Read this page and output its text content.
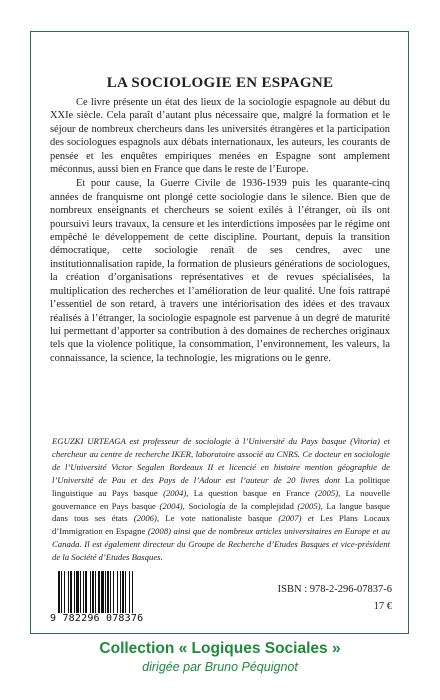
LA SOCIOLOGIE EN ESPAGNE

Ce livre présente un état des lieux de la sociologie espagnole au début du XXIe siècle. Cela paraît d’autant plus nécessaire que, malgré la formation et le séjour de nombreux chercheurs dans les universités étrangères et la participation des sociologues espagnols aux débats internationaux, les auteurs, les courants de pensée et les enquêtes empiriques menées en Espagne sont amplement méconnus, aussi bien en France que dans le reste de l’Europe.

Et pour cause, la Guerre Civile de 1936-1939 puis les quarante-cinq années de franquisme ont plongé cette sociologie dans le silence. Bien que de nombreux enseignants et chercheurs se soient exilés à l’étranger, où ils ont poursuivi leurs travaux, la censure et les interdictions imposées par le régime ont empêché le développement de cette discipline. Pourtant, depuis la transition démocratique, cette sociologie renaît de ses cendres, avec une institutionnalisation rapide, la formation de plusieurs générations de sociologues, la création d’organisations représentatives et de revues spécialisées, la multiplication des recherches et l’amélioration de leur qualité. Une fois rattrapé l’essentiel de son retard, à travers une intériorisation des idées et des travaux réalisés à l’étranger, la sociologie espagnole est parvenue à un degré de maturité lui permettant d’apporter sa contribution à des domaines de recherches originaux tels que la violence politique, la consommation, l’environnement, les valeurs, la connaissance, la science, la technologie, les migrations ou le genre.

EGUZKI URTEAGA est professeur de sociologie à l’Université du Pays basque (Vitoria) et chercheur au centre de recherche IKER, laboratoire associé au CNRS. Ce docteur en sociologie de l’Université Victor Segalen Bordeaux II et licencié en histoire mention géographie de l’Université de Pau et des Pays de l’Adour est l’auteur de 20 livres dont La politique linguistique au Pays basque (2004), La question basque en France (2005), La nouvelle gouvernance en Pays basque (2004), Sociología de la complejidad (2005), La langue basque dans tous ses états (2006), Le vote nationaliste basque (2007) et Les Plans Locaux d’Immigration en Espagne (2008) ainsi que de nombreux articles universitaires en Europe et au Canada. Il est également directeur du Groupe de Recherche d’Etudes Basques et vice-président de la Société d’Etudes Basques.

9 782296 078376
ISBN : 978-2-296-07837-6
17 €

Collection « Logiques Sociales »

dirigée par Bruno Péquignot
